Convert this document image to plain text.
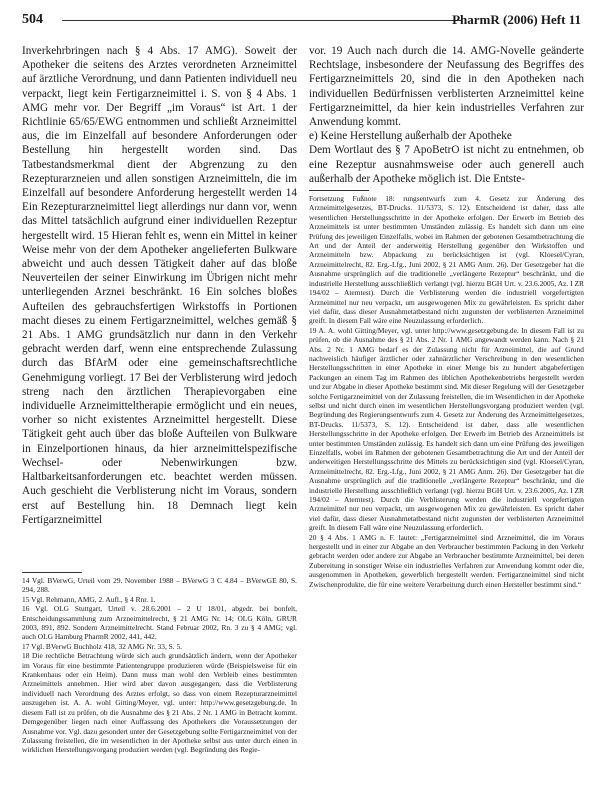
504	PharmR (2006) Heft 11

Inverkehrbringen nach § 4 Abs. 17 AMG). Soweit der Apotheker die seitens des Arztes verordneten Arzneimittel auf ärztliche Verordnung, und dann Patienten individuell neu verpackt, liegt kein Fertigarzneimittel i. S. von § 4 Abs. 1 AMG mehr vor. Der Begriff „im Voraus“ ist Art. 1 der Richtlinie 65/65/EWG entnommen und schließt Arzneimittel aus, die im Einzelfall auf besondere Anforderungen oder Bestellung hin hergestellt worden sind. Das Tatbestandsmerkmal dient der Abgrenzung zu den Rezepturarzneien und allen sonstigen Arzneimitteln, die im Einzelfall auf besondere Anforderung hergestellt werden 14 Ein Rezepturarzneimittel liegt allerdings nur dann vor, wenn das Mittel tatsächlich aufgrund einer individuellen Rezeptur hergestellt wird. 15 Hieran fehlt es, wenn ein Mittel in keiner Weise mehr von der dem Apotheker angelieferten Bulkware abweicht und auch dessen Tätigkeit daher auf das bloße Neuverteilen der seiner Einwirkung im Übrigen nicht mehr unterliegenden Arznei beschränkt. 16 Ein solches bloßes Aufteilen des gebrauchsfertigen Wirkstoffs in Portionen macht dieses zu einem Fertigarzneimittel, welches gemäß § 21 Abs. 1 AMG grundsätzlich nur dann in den Verkehr gebracht werden darf, wenn eine entsprechende Zulassung durch das BfArM oder eine gemeinschaftsrechtliche Genehmigung vorliegt. 17 Bei der Verblisterung wird jedoch streng nach den ärztlichen Therapievorgaben eine individuelle Arzneimitteltherapie ermöglicht und ein neues, vorher so nicht existentes Arzneimittel hergestellt. Diese Tätigkeit geht auch über das bloße Aufteilen von Bulkware in Einzelportionen hinaus, da hier arzneimittelspezifische Wechsel- oder Nebenwirkungen bzw. Haltbarkeitsanforderungen etc. beachtet werden müssen. Auch geschieht die Verblisterung nicht im Voraus, sondern erst auf Bestellung hin. 18 Demnach liegt kein Fertigarzneimittel

14 Vgl. BVerwG, Urteil vom 29. November 1988 – BVerwG 3 C 4.84 – BVerwGE 80, S. 294, 288.

15 Vgl. Rehmann, AMG, 2. Aufl., § 4 Rnr. 1.

16 Vgl. OLG Stuttgart, Urteil v. 28.6.2001 – 2 U 18/01, abgedr. bei bonfelt, Entscheidungssammlung zum Arzneimittelrecht, § 21 AMG Nr. 14; OLG Köln, GRUR 2003, 891, 892. Sondern Arzneimittelrecht. Stand Februar 2002, Rn. 3 zu § 4 AMG; vgl. auch OLG Hamburg PharmR 2002, 441, 442.

17 Vgl. BVerwG Buchholz 418, 32 AMG Nr. 33, S. 5.

18 Die rechtliche Betrachtung würde sich auch grundsätzlich ändern, wenn der Apotheker im Voraus für eine bestimmte Patientengruppe produzieren würde (Beispielsweise für ein Krankenhaus oder ein Heim). Dann muss man wohl den Verbleib eines bestimmten Arzneimittels annehmen. Hier wird aber davon ausgegangen, dass die Verblisterung individuell nach Verordnung des Arztes erfolgt, so dass von einem Rezepturarzneimittel auszugehen ist. A. A. wohl Gitting/Meyer, vgl. unter: http://www.gesetzgebung.de. In diesem Fall ist zu prüfen, ob die Ausnahme des § 21 Abs. 2 Nr. 1 AMG in Betracht kommt. Demgegenüber liegen nach einer Auffassung des Apothekers die Voraussetzungen der Ausnahme vor. Vgl. dazu gesondert unter der Gesetzgebung sollte Fertigarzneimittel von der Zulassung freistellen, die im wesentlichen in der Apotheke selbst aus unter durch einen in wirklichen Herstellungsvorgang produziert werden (vgl. Begründung des Regie-

vor. 19 Auch nach durch die 14. AMG-Novelle geänderte Rechtslage, insbesondere der Neufassung des Begriffes des Fertigarzneimittels 20, sind die in den Apotheken nach individuellen Bedürfnissen verblisterten Arzneimittel keine Fertigarzneimittel, da hier kein industrielles Verfahren zur Anwendung kommt.

e) Keine Herstellung außerhalb der Apotheke

Dem Wortlaut des § 7 ApoBetrO ist nicht zu entnehmen, ob eine Rezeptur ausnahmsweise oder auch generell auch außerhalb der Apotheke möglich ist. Die Entste-

Fortsetzung Fußnote 18: rungsentwurfs zum 4. Gesetz zur Änderung des Arzneimittelgesetzes, BT-Drucks. 11/5373, S. 12). Entscheidend ist daher, dass alle wesentlichen Herstellungsschritte in der Apotheke erfolgen. Der Erwerb im Betrieb des Arzneimittels ist unter bestimmten Umständen zulässig. Es handelt sich dann um eine Prüfung des jeweiligen Einzelfalls, wobei im Rahmen der gebotenen Gesamtbetrachtung die Art und der Anteil der anderweitig Herstellung gegenüber den Wirkstoffen und Arzneimitteln bzw. Abpackung zu berücksichtigen ist (vgl. Kloesel/Cyran, Arzneimittelrecht, 82. Erg.-Lfg., Juni 2002, § 21 AMG Anm. 26). Der Gesetzgeber hat die Ausnahme ursprünglich auf die traditionelle „verlängerte Rezeptur“ beschränkt, und die industrielle Herstellung ausschließlich verlangt (vgl. hierzu BGH Urt. v. 23.6.2005, Az. I ZR 194/02 – Atemtest). Durch die Verblisterung werden die industriell vorgefertigten Arzneimittel nur neu verpackt, um ausgewogenen Mix zu gewährleisten. Es spricht daher viel dafür, dass dieser Ausnahmetatbestand nicht zugunsten der verblisterten Arzneimittel greift. In diesem Fall wäre eine Neuzulassung erforderlich.

19 A. A. wohl Gitting/Meyer, vgl. unter http://www.gesetzgebung.de. In diesem Fall ist zu prüfen, ob die Ausnahme des § 21 Abs. 2 Nr. 1 AMG angewandt werden kann. Nach § 21 Abs. 2 Nr. 1 AMG bedarf es der Zulassung nicht für Arzneimittel, die auf Grund nachweislich häufiger ärztlicher oder zahnärztlicher Verschreibung in den wesentlichen Herstellungsschritten in einer Apotheke in einer Menge bis zu hundert abgabefertigen Packungen an einem Tag im Rahmen des üblichen Apothekenbetriebs hergestellt werden und zur Abgabe in dieser Apotheke bestimmt sind. Mit dieser Regelung will der Gesetzgeber solche Fertigarzneimittel von der Zulassung freistellen, die im Wesentlichen in der Apotheke selbst und nicht durch einen im wesentlichen Herstellungsvorgang produziert werden (vgl. Begründung des Regierungsentwurfs zum 4. Gesetz zur Änderung des Arzneimittelgesetzes, BT-Drucks. 11/5373, S. 12). Entscheidend ist daher, dass alle wesentlichen Herstellungsschritte in der Apotheke erfolgen. Der Erwerb im Betrieb des Arzneimittels ist unter bestimmten Umständen zulässig. Es handelt sich dann um eine Prüfung des jeweiligen Einzelfalls, wobei im Rahmen der gebotenen Gesamtbetrachtung die Art und der Anteil der anderweitigen Herstellungsschritte des Mittels zu berücksichtigen sind (vgl. Kloesel/Cyran, Arzneimittelrecht, 82. Erg.-Lfg., Juni 2002, § 21 AMG Anm. 26). Der Gesetzgeber hat die Ausnahme ursprünglich auf die traditionelle „verlängerte Rezeptur“ beschränkt, und die industrielle Herstellung ausschließlich verlangt (vgl. hierzu BGH Urt. v. 23.6.2005, Az. I ZR 194/02 – Atemtest). Durch die Verblisterung werden die industriell vorgefertigten Arzneimittel nur neu verpackt, um ausgewogenen Mix zu gewährleisten. Es spricht daher viel dafür, dass dieser Ausnahmetatbestand nicht zugunsten der verblisterten Arzneimittel greift. In diesem Fall wäre eine Neuzulassung erforderlich.

20 § 4 Abs. 1 AMG n. F. lautet: „Fertigarzneimittel sind Arzneimittel, die im Voraus hergestellt und in einer zur Abgabe an den Verbraucher bestimmten Packung in den Verkehr gebracht werden oder andere zur Abgabe an Verbraucher bestimmte Arzneimittel, bei deren Zubereitung in sonstiger Weise ein industrielles Verfahren zur Anwendung kommt oder die, ausgenommen in Apotheken, gewerblich hergestellt werden. Fertigarzneimittel sind nicht Zwischenprodukte, die für eine weitere Verarbeitung durch einen Hersteller bestimmt sind.“
